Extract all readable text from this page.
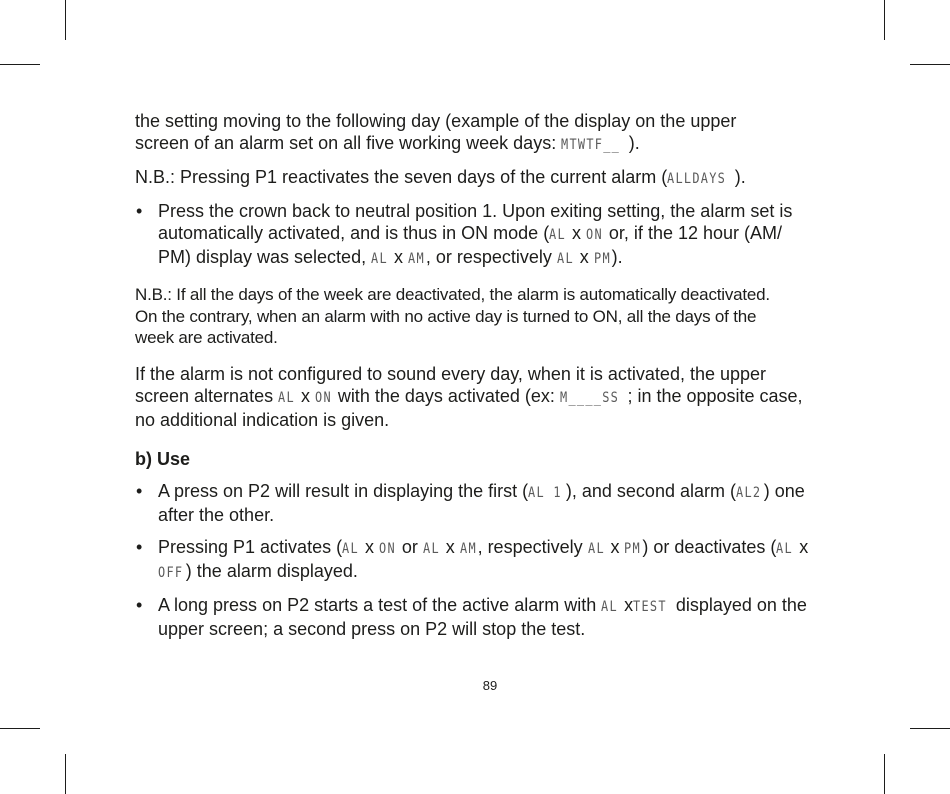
the setting moving to the following day (example of the display on the upper
screen of an alarm set on all five working week days: MTWTF__ ).
N.B.: Pressing P1 reactivates the seven days of the current alarm (ALLDAYS ).
• Press the crown back to neutral position 1. Upon exiting setting, the alarm set is
automatically activated, and is thus in ON mode (AL x ON or, if the 12 hour (AM/
PM) display was selected, AL x AM, or respectively AL x PM).
N.B.: If all the days of the week are deactivated, the alarm is automatically deactivated.
On the contrary, when an alarm with no active day is turned to ON, all the days of the
week are activated.
If the alarm is not configured to sound every day, when it is activated, the upper
screen alternates AL x ON with the days activated (ex: M____SS ; in the opposite case,
no additional indication is given.
b) Use
• A press on P2 will result in displaying the first (AL 1 ), and second alarm (AL2 ) one
after the other.
• Pressing P1 activates (AL x ON or AL x AM, respectively AL x PM) or deactivates (AL x
OFF ) the alarm displayed.
• A long press on P2 starts a test of the active alarm with AL xTEST displayed on the
upper screen; a second press on P2 will stop the test.
89
